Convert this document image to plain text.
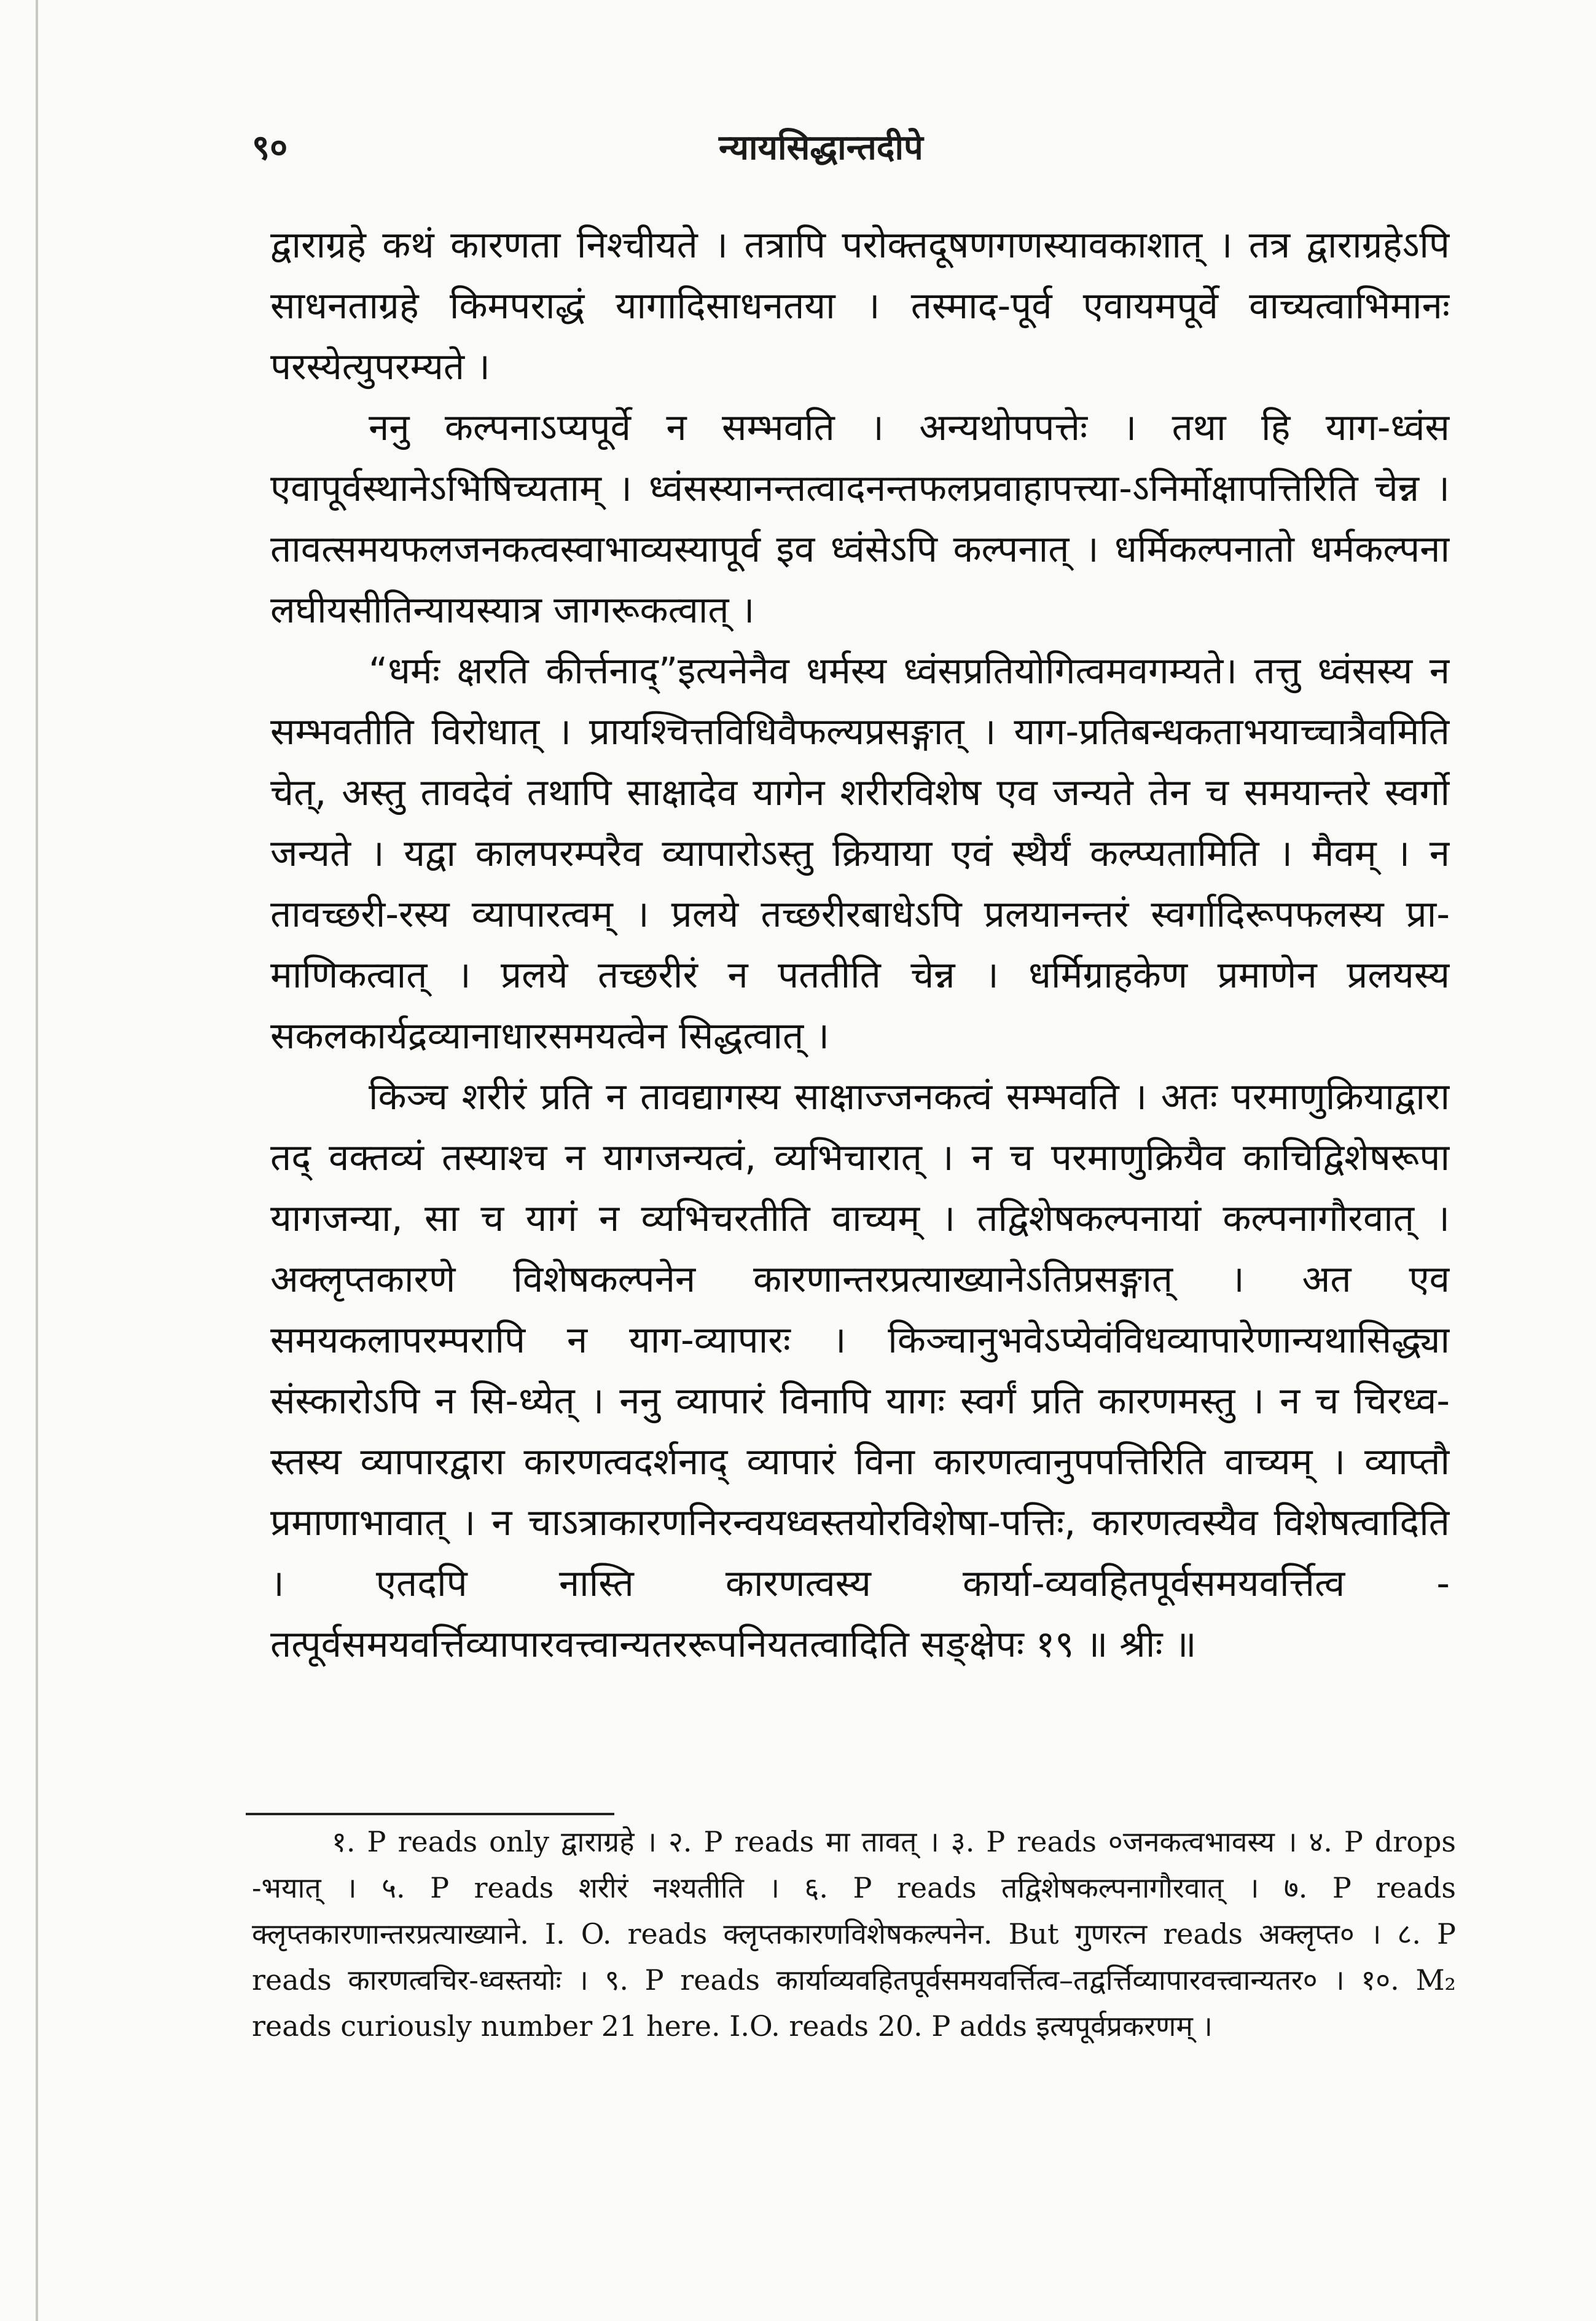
९०	न्यायसिद्धान्तदीपे

द्वाराग्रहे कथं कारणता निश्चीयते । तत्रापि परोक्तदूषणगणस्यावकाशात् । तत्र द्वाराग्रहेऽपि साधनताग्रहे किमपराद्धं यागादिसाधनतया । तस्माद-पूर्व एवायमपूर्वे वाच्यत्वाभिमानः परस्येत्युपरम्यते ।

ननु कल्पनाऽप्यपूर्वे न सम्भवति । अन्यथोपपत्तेः । तथा हि याग-ध्वंस एवापूर्वस्थानेऽभिषिच्यताम् । ध्वंसस्यानन्तत्वादनन्तफलप्रवाहापत्त्या-ऽनिर्मोक्षापत्तिरिति चेन्न । तावत्समयफलजनकत्वस्वाभाव्यस्यापूर्व इव ध्वंसेऽपि कल्पनात् । धर्मिकल्पनातो धर्मकल्पना लघीयसीतिन्यायस्यात्र जागरूकत्वात् ।

“धर्मः क्षरति कीर्त्तनाद्”इत्यनेनैव धर्मस्य ध्वंसप्रतियोगित्वमवगम्यते। तत्तु ध्वंसस्य न सम्भवतीति विरोधात् । प्रायश्चित्तविधिवैफल्यप्रसङ्गात् । याग-प्रतिबन्धकताभयाच्चात्रैवमिति चेत्, अस्तु तावदेवं तथापि साक्षादेव यागेन शरीरविशेष एव जन्यते तेन च समयान्तरे स्वर्गो जन्यते । यद्वा कालपरम्परैव व्यापारोऽस्तु क्रियाया एवं स्थैर्यं कल्प्यतामिति । मैवम् । न तावच्छरी-रस्य व्यापारत्वम् । प्रलये तच्छरीरबाधेऽपि प्रलयानन्तरं स्वर्गादिरूपफलस्य प्रा-माणिकत्वात् । प्रलये तच्छरीरं न पततीति चेन्न । धर्मिग्राहकेण प्रमाणेन प्रलयस्य सकलकार्यद्रव्यानाधारसमयत्वेन सिद्धत्वात् ।

किञ्च शरीरं प्रति न तावद्यागस्य साक्षाज्जनकत्वं सम्भवति । अतः परमाणुक्रियाद्वारा तद् वक्तव्यं तस्याश्च न यागजन्यत्वं, व्यभिचारात् । न च परमाणुक्रियैव काचिद्विशेषरूपा यागजन्या, सा च यागं न व्यभिचरतीति वाच्यम् । तद्विशेषकल्पनायां कल्पनागौरवात् । अक्लृप्तकारणे विशेषकल्पनेन कारणान्तरप्रत्याख्यानेऽतिप्रसङ्गात् । अत एव समयकलापरम्परापि न याग-व्यापारः । किञ्चानुभवेऽप्येवंविधव्यापारेणान्यथासिद्ध्या संस्कारोऽपि न सि-ध्येत् । ननु व्यापारं विनापि यागः स्वर्गं प्रति कारणमस्तु । न च चिरध्व-स्तस्य व्यापारद्वारा कारणत्वदर्शनाद् व्यापारं विना कारणत्वानुपपत्तिरिति वाच्यम् । व्याप्तौ प्रमाणाभावात् । न चाऽत्राकारणनिरन्वयध्वस्तयोरविशेषा-पत्तिः, कारणत्वस्यैव विशेषत्वादिति । एतदपि नास्ति कारणत्वस्य कार्या-व्यवहितपूर्वसमयवर्त्तित्व - तत्पूर्वसमयवर्त्तिव्यापारवत्त्वान्यतररूपनियतत्वादिति सङ्क्षेपः १९ ॥ श्रीः ॥

१. P reads only द्वाराग्रहे । २. P reads मा तावत् । ३. P reads ०जनकत्वभावस्य । ४. P drops -भयात् । ५. P reads शरीरं नश्यतीति । ६. P reads तद्विशेषकल्पनागौरवात् । ७. P reads क्लृप्तकारणान्तरप्रत्याख्याने. I. O. reads क्लृप्तकारणविशेषकल्पनेन. But गुणरत्न reads अक्लृप्त० । ८. P reads कारणत्वचिर-ध्वस्तयोः । ९. P reads कार्याव्यवहितपूर्वसमयवर्त्तित्व–तद्वर्त्तिव्यापारवत्त्वान्यतर० । १०. M₂ reads curiously number 21 here. I.O. reads 20. P adds इत्यपूर्वप्रकरणम् ।
